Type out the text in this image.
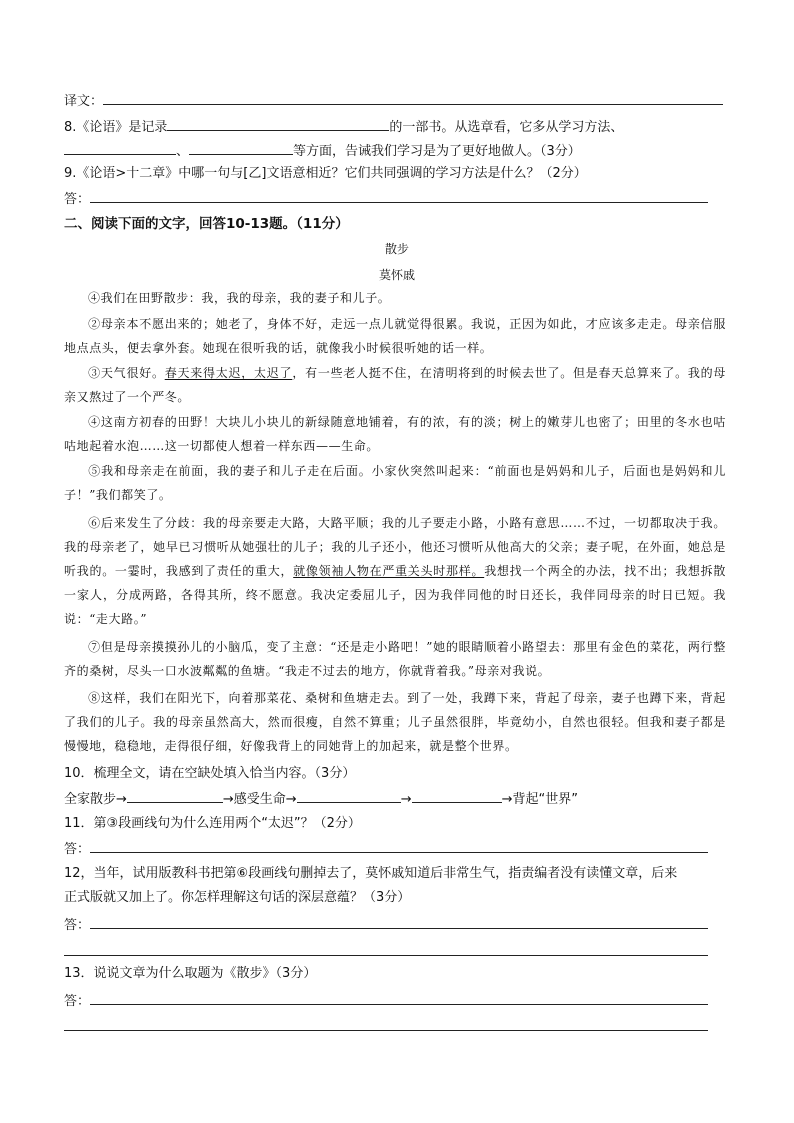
译文：
8.《论语》是记录	的一部书。从选章看，它多从学习方法、
、	等方面，告诫我们学习是为了更好地做人。（3分）
9.《论语>十二章》中哪一句与[乙]文语意相近？它们共同强调的学习方法是什么？（2分）
答：
二、阅读下面的文字，回答10-13题。（11分）
散步
莫怀戚
④我们在田野散步：我，我的母亲，我的妻子和儿子。
②母亲本不愿出来的；她老了，身体不好，走远一点儿就觉得很累。我说，正因为如此，才应该多走走。母亲信服地点点头，便去拿外套。她现在很听我的话，就像我小时候很听她的话一样。
③天气很好。春天来得太迟，太迟了，有一些老人挺不住，在清明将到的时候去世了。但是春天总算来了。我的母亲又熬过了一个严冬。
④这南方初春的田野！大块儿小块儿的新绿随意地铺着，有的浓，有的淡；树上的嫩芽儿也密了；田里的冬水也咕咕地起着水泡……这一切都使人想着一样东西——生命。
⑤我和母亲走在前面，我的妻子和儿子走在后面。小家伙突然叫起来：“前面也是妈妈和儿子，后面也是妈妈和儿子！”我们都笑了。
⑥后来发生了分歧：我的母亲要走大路，大路平顺；我的儿子要走小路，小路有意思……不过，一切都取决于我。我的母亲老了，她早已习惯听从她强壮的儿子；我的儿子还小，他还习惯听从他高大的父亲；妻子呢，在外面，她总是听我的。一霎时，我感到了责任的重大，就像领袖人物在严重关头时那样。我想找一个两全的办法，找不出；我想拆散一家人，分成两路，各得其所，终不愿意。我决定委屈儿子，因为我伴同他的时日还长，我伴同母亲的时日已短。我说：“走大路。”
⑦但是母亲摸摸孙儿的小脑瓜，变了主意：“还是走小路吧！”她的眼睛顺着小路望去：那里有金色的菜花，两行整齐的桑树，尽头一口水波粼粼的鱼塘。“我走不过去的地方，你就背着我。”母亲对我说。
⑧这样，我们在阳光下，向着那菜花、桑树和鱼塘走去。到了一处，我蹲下来，背起了母亲，妻子也蹲下来，背起了我们的儿子。我的母亲虽然高大，然而很瘦，自然不算重；儿子虽然很胖，毕竟幼小，自然也很轻。但我和妻子都是慢慢地，稳稳地，走得很仔细，好像我背上的同她背上的加起来，就是整个世界。
10．梳理全文，请在空缺处填入恰当内容。（3分）
全家散步→	→感受生命→	→	→背起“世界”
11．第③段画线句为什么连用两个“太迟”？（2分）
答：
12，当年，试用版教科书把第⑥段画线句删掉去了，莫怀戚知道后非常生气，指责编者没有读懂文章，后来
正式版就又加上了。你怎样理解这句话的深层意蕴？（3分）
答：
13．说说文章为什么取题为《散步》（3分）
答：
